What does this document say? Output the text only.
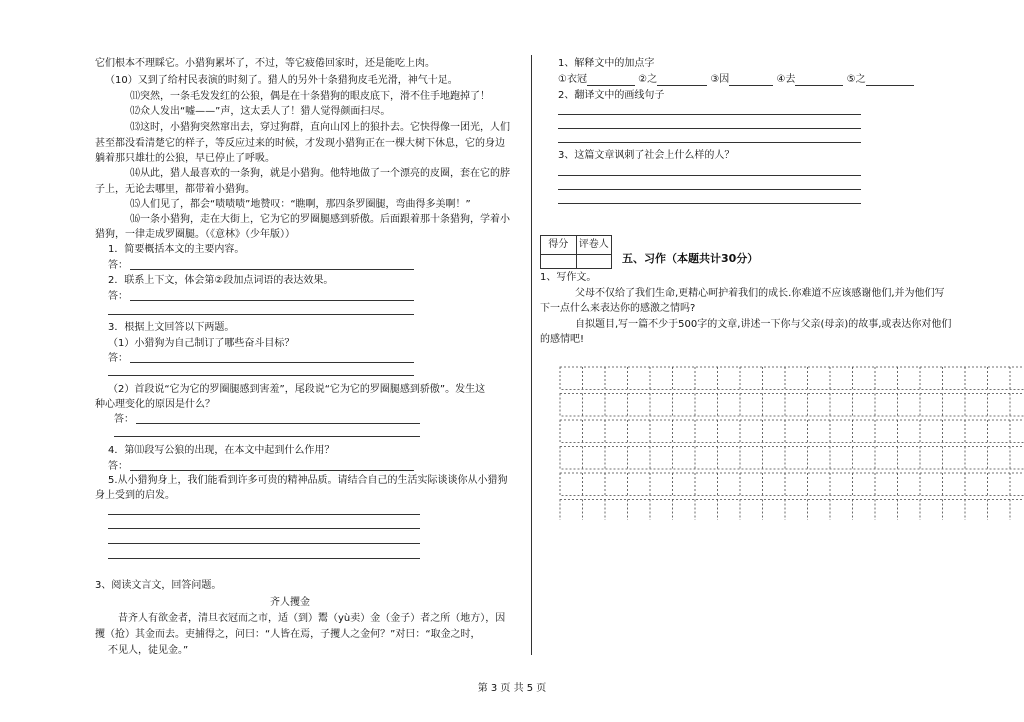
它们根本不理睬它。小猎狗累坏了，不过，等它疲倦回家时，还是能吃上肉。
（10）又到了给村民表演的时刻了。猎人的另外十条猎狗皮毛光滑，神气十足。
⑾突然，一条毛发发红的公狼，偶是在十条猎狗的眼皮底下，滑不住手地跑掉了！
⑿众人发出“嘘——”声，这太丢人了！猎人觉得颜面扫尽。
⒀这时，小猎狗突然窜出去，穿过狗群，直向山冈上的狼扑去。它快得像一团光，人们
甚至都没看清楚它的样子，等反应过来的时候，才发现小猎狗正在一棵大树下休息，它的身边
躺着那只雄壮的公狼，早已停止了呼吸。
⒁从此，猎人最喜欢的一条狗，就是小猎狗。他特地做了一个漂亮的皮圈，套在它的脖
子上，无论去哪里，都带着小猎狗。
⒂人们见了，都会“啧啧啧”地赞叹：“瞧啊，那四条罗圈腿，弯曲得多美啊！”
⒃一条小猎狗，走在大街上，它为它的罗圈腿感到骄傲。后面跟着那十条猎狗，学着小
猎狗，一律走成罗圈腿。（《意林》（少年版））
1．简要概括本文的主要内容。
答：
2．联系上下文，体会第②段加点词语的表达效果。
答：
3．根据上文回答以下两题。
（1）小猎狗为自己制订了哪些奋斗目标？
答：
（2）首段说“它为它的罗圈腿感到害羞”，尾段说“它为它的罗圈腿感到骄傲”。发生这
种心理变化的原因是什么？
答：
4．第⑾段写公狼的出现，在本文中起到什么作用？
答：
5.从小猎狗身上，我们能看到许多可贵的精神品质。请结合自己的生活实际谈谈你从小猎狗
身上受到的启发。
3、阅读文言文，回答问题。
齐人攫金
昔齐人有欲金者，清旦衣冠而之市，适（到）鬻（yù卖）金（金子）者之所（地方），因
攫（抢）其金而去。吏捕得之，问曰：“人皆在焉，子攫人之金何？”对曰：“取金之时，
不见人，徒见金。”
1、解释文中的加点字
①衣冠	②之	③因	④去	⑤之
2、翻译文中的画线句子
3、这篇文章讽刺了社会上什么样的人？
得分	评卷人
五、习作（本题共计30分）
1、写作文。
父母不仅给了我们生命,更精心呵护着我们的成长.你难道不应该感谢他们,并为他们写
下一点什么来表达你的感激之情吗?
自拟题目,写一篇不少于500字的文章,讲述一下你与父亲(母亲)的故事,或表达你对他们
的感情吧!
第 3 页 共 5 页
